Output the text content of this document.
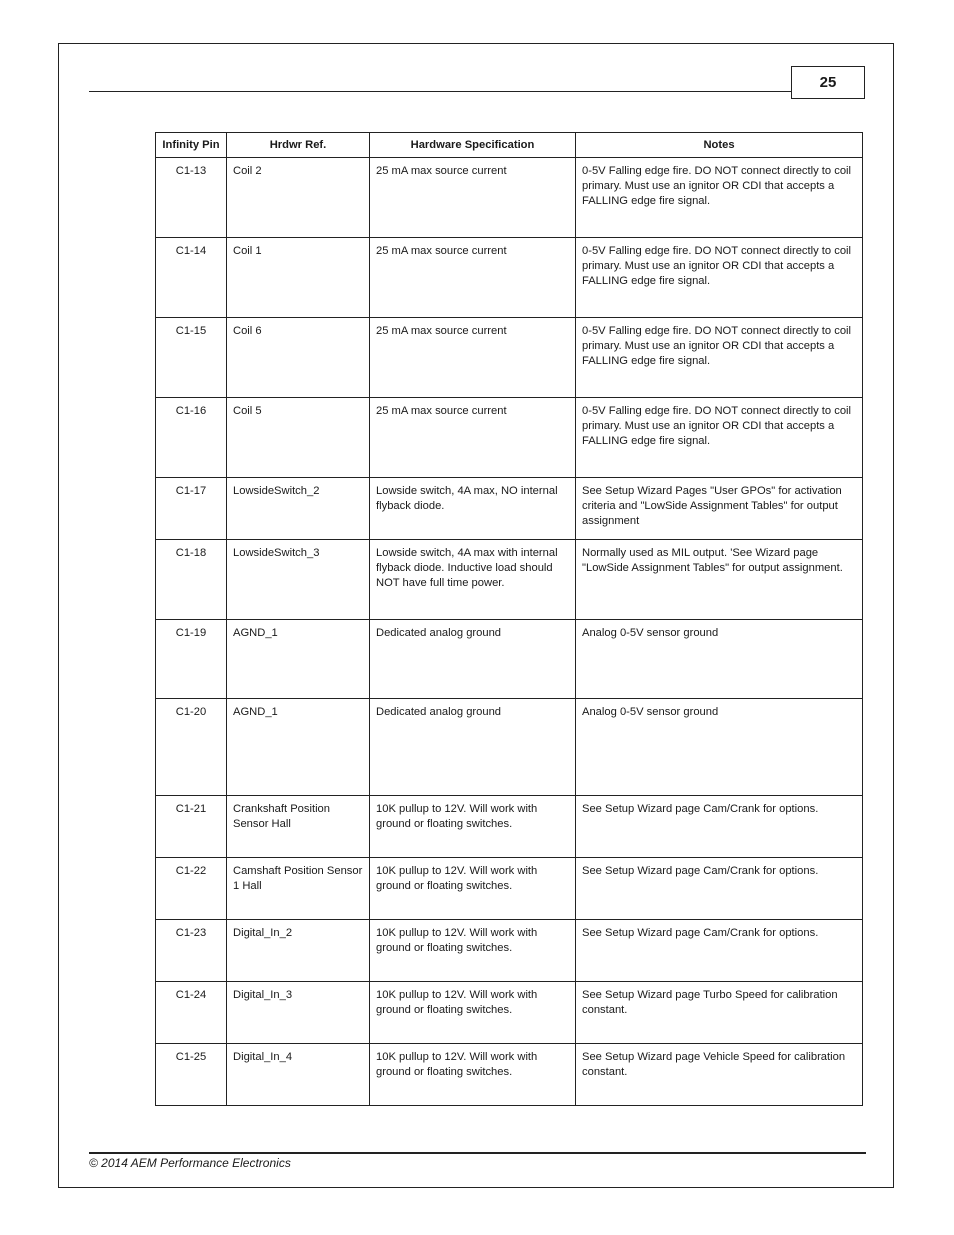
25
Infinity Pin	Hrdwr Ref.	Hardware Specification	Notes
C1-13	Coil 2	25 mA max source current	0-5V Falling edge fire. DO NOT connect directly to coil primary. Must use an ignitor OR CDI that accepts a FALLING edge fire signal.
C1-14	Coil 1	25 mA max source current	0-5V Falling edge fire. DO NOT connect directly to coil primary. Must use an ignitor OR CDI that accepts a FALLING edge fire signal.
C1-15	Coil 6	25 mA max source current	0-5V Falling edge fire. DO NOT connect directly to coil primary. Must use an ignitor OR CDI that accepts a FALLING edge fire signal.
C1-16	Coil 5	25 mA max source current	0-5V Falling edge fire. DO NOT connect directly to coil primary. Must use an ignitor OR CDI that accepts a FALLING edge fire signal.
C1-17	LowsideSwitch_2	Lowside switch, 4A max, NO internal flyback diode.	See Setup Wizard Pages "User GPOs" for activation criteria and "LowSide Assignment Tables" for output assignment
C1-18	LowsideSwitch_3	Lowside switch, 4A max with internal flyback diode. Inductive load should NOT have full time power.	Normally used as MIL output. 'See Wizard page "LowSide Assignment Tables" for output assignment.
C1-19	AGND_1	Dedicated analog ground	Analog 0-5V sensor ground
C1-20	AGND_1	Dedicated analog ground	Analog 0-5V sensor ground
C1-21	Crankshaft Position Sensor Hall	10K pullup to 12V. Will work with ground or floating switches.	See Setup Wizard page Cam/Crank for options.
C1-22	Camshaft Position Sensor 1 Hall	10K pullup to 12V. Will work with ground or floating switches.	See Setup Wizard page Cam/Crank for options.
C1-23	Digital_In_2	10K pullup to 12V. Will work with ground or floating switches.	See Setup Wizard page Cam/Crank for options.
C1-24	Digital_In_3	10K pullup to 12V. Will work with ground or floating switches.	See Setup Wizard page Turbo Speed for calibration constant.
C1-25	Digital_In_4	10K pullup to 12V. Will work with ground or floating switches.	See Setup Wizard page Vehicle Speed for calibration constant.
© 2014 AEM Performance Electronics
